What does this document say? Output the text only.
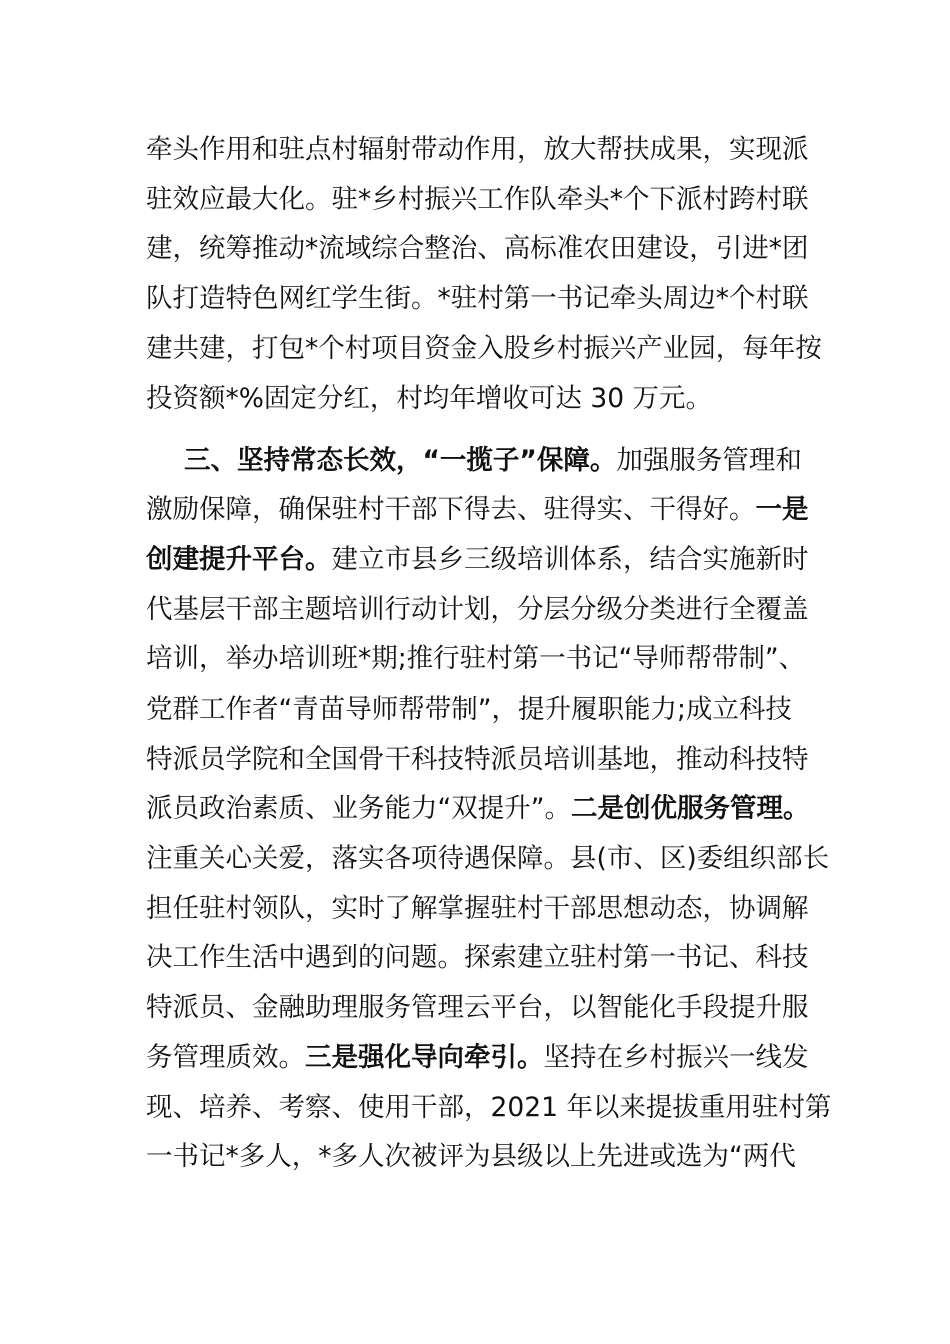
牵头作用和驻点村辐射带动作用，放大帮扶成果，实现派
驻效应最大化。驻*乡村振兴工作队牵头*个下派村跨村联
建，统筹推动*流域综合整治、高标准农田建设，引进*团
队打造特色网红学生街。*驻村第一书记牵头周边*个村联
建共建，打包*个村项目资金入股乡村振兴产业园，每年按
投资额*%固定分红，村均年增收可达 30 万元。
三、坚持常态长效，“一揽子”保障。加强服务管理和
激励保障，确保驻村干部下得去、驻得实、干得好。一是
创建提升平台。建立市县乡三级培训体系，结合实施新时
代基层干部主题培训行动计划，分层分级分类进行全覆盖
培训，举办培训班*期;推行驻村第一书记“导师帮带制”、
党群工作者“青苗导师帮带制”，提升履职能力;成立科技
特派员学院和全国骨干科技特派员培训基地，推动科技特
派员政治素质、业务能力“双提升”。二是创优服务管理。
注重关心关爱，落实各项待遇保障。县(市、区)委组织部长
担任驻村领队，实时了解掌握驻村干部思想动态，协调解
决工作生活中遇到的问题。探索建立驻村第一书记、科技
特派员、金融助理服务管理云平台，以智能化手段提升服
务管理质效。三是强化导向牵引。坚持在乡村振兴一线发
现、培养、考察、使用干部，2021 年以来提拔重用驻村第
一书记*多人，*多人次被评为县级以上先进或选为“两代
